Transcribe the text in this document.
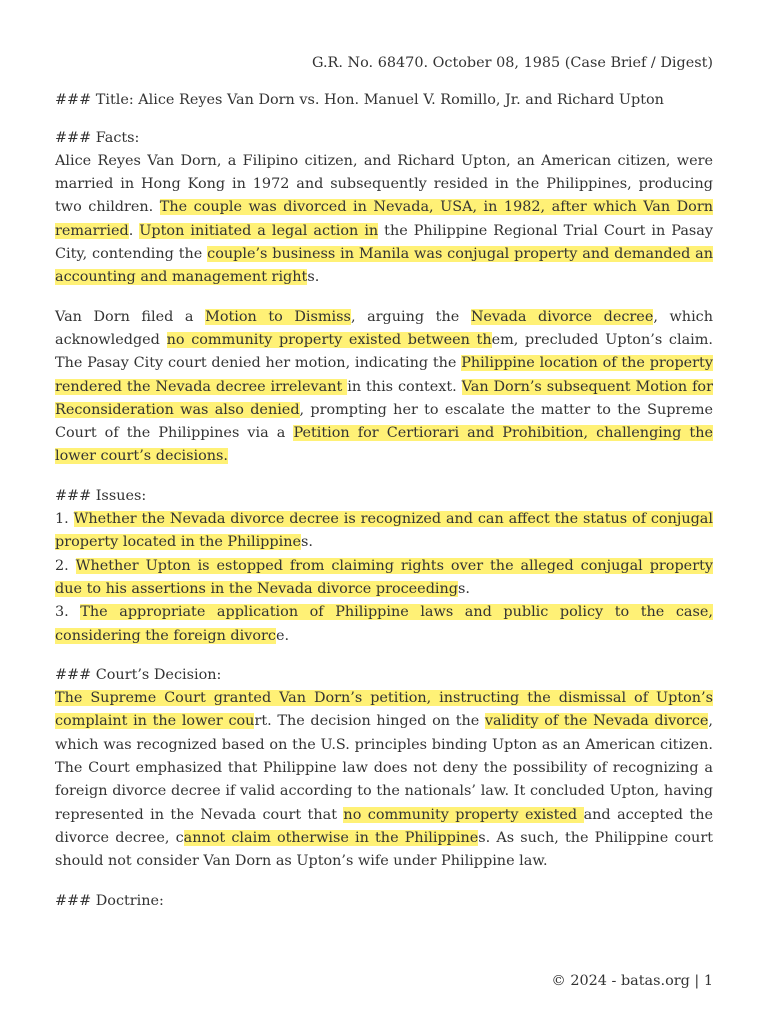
G.R. No. 68470. October 08, 1985 (Case Brief / Digest)
### Title: Alice Reyes Van Dorn vs. Hon. Manuel V. Romillo, Jr. and Richard Upton
### Facts:

Alice Reyes Van Dorn, a Filipino citizen, and Richard Upton, an American citizen, were married in Hong Kong in 1972 and subsequently resided in the Philippines, producing two children. The couple was divorced in Nevada, USA, in 1982, after which Van Dorn remarried. Upton initiated a legal action in the Philippine Regional Trial Court in Pasay City, contending the couple’s business in Manila was conjugal property and demanded an accounting and management rights.

Van Dorn filed a Motion to Dismiss, arguing the Nevada divorce decree, which acknowledged no community property existed between them, precluded Upton’s claim. The Pasay City court denied her motion, indicating the Philippine location of the property rendered the Nevada decree irrelevant in this context. Van Dorn’s subsequent Motion for Reconsideration was also denied, prompting her to escalate the matter to the Supreme Court of the Philippines via a Petition for Certiorari and Prohibition, challenging the lower court’s decisions.

### Issues:
1. Whether the Nevada divorce decree is recognized and can affect the status of conjugal property located in the Philippines.
2. Whether Upton is estopped from claiming rights over the alleged conjugal property due to his assertions in the Nevada divorce proceedings.
3. The appropriate application of Philippine laws and public policy to the case, considering the foreign divorce.
### Court’s Decision:

The Supreme Court granted Van Dorn’s petition, instructing the dismissal of Upton’s complaint in the lower court. The decision hinged on the validity of the Nevada divorce, which was recognized based on the U.S. principles binding Upton as an American citizen. The Court emphasized that Philippine law does not deny the possibility of recognizing a foreign divorce decree if valid according to the nationals’ law. It concluded Upton, having represented in the Nevada court that no community property existed and accepted the divorce decree, cannot claim otherwise in the Philippines. As such, the Philippine court should not consider Van Dorn as Upton’s wife under Philippine law.

### Doctrine:
© 2024 - batas.org | 1
